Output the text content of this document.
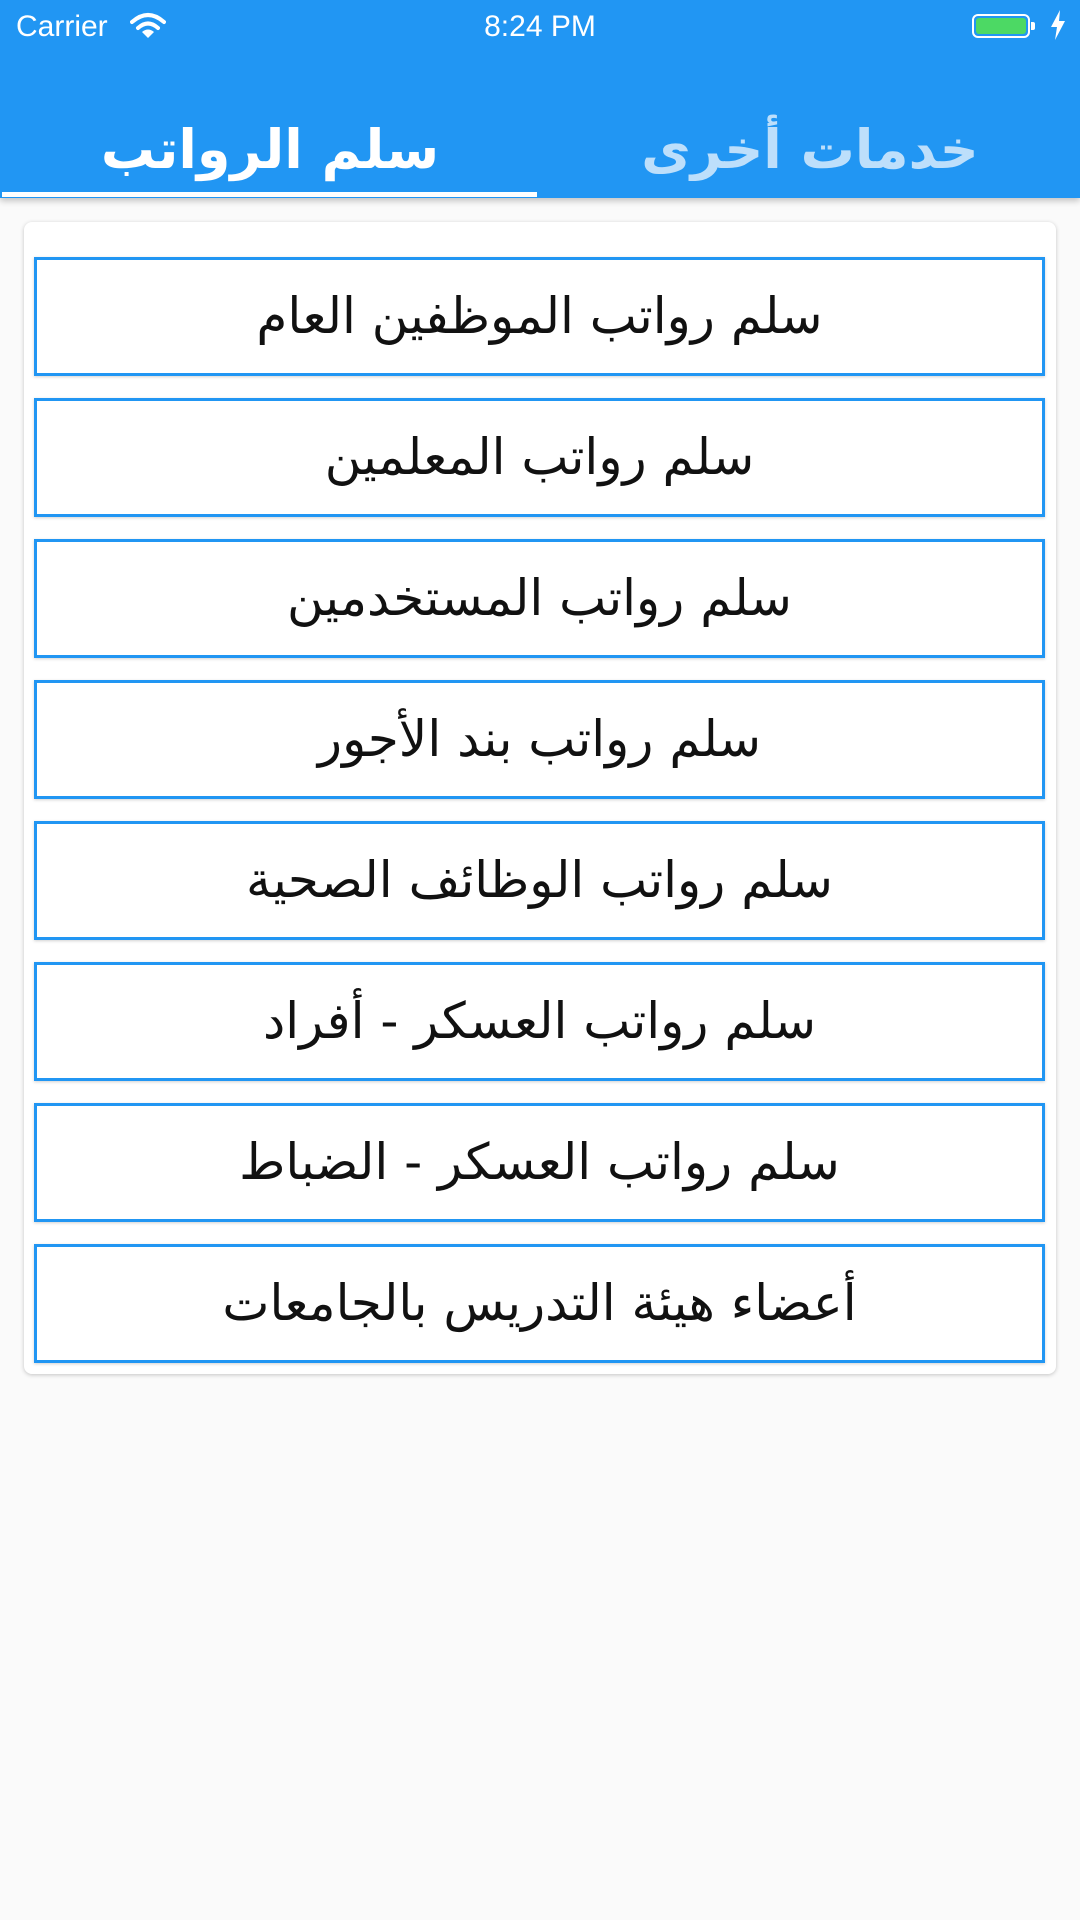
Carrier	8:24 PM
سلم الرواتب	خدمات أخرى
سلم رواتب الموظفين العام
سلم رواتب المعلمين
سلم رواتب المستخدمين
سلم رواتب بند الأجور
سلم رواتب الوظائف الصحية
سلم رواتب العسكر - أفراد
سلم رواتب العسكر - الضباط
أعضاء هيئة التدريس بالجامعات
